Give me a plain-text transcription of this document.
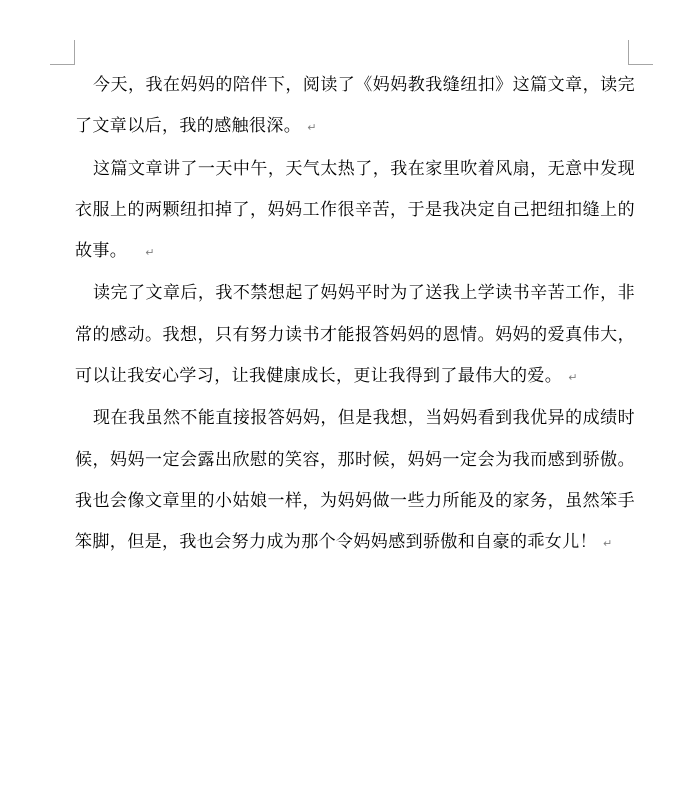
今天，我在妈妈的陪伴下，阅读了《妈妈教我缝纽扣》这篇文章，读完了文章以后，我的感触很深。 ↵

这篇文章讲了一天中午，天气太热了，我在家里吹着风扇，无意中发现衣服上的两颗纽扣掉了，妈妈工作很辛苦，于是我决定自己把纽扣缝上的故事。 ↵

读完了文章后，我不禁想起了妈妈平时为了送我上学读书辛苦工作，非常的感动。我想，只有努力读书才能报答妈妈的恩情。妈妈的爱真伟大，可以让我安心学习，让我健康成长，更让我得到了最伟大的爱。 ↵

现在我虽然不能直接报答妈妈，但是我想，当妈妈看到我优异的成绩时候，妈妈一定会露出欣慰的笑容，那时候，妈妈一定会为我而感到骄傲。我也会像文章里的小姑娘一样，为妈妈做一些力所能及的家务，虽然笨手笨脚，但是，我也会努力成为那个令妈妈感到骄傲和自豪的乖女儿！ ↵
